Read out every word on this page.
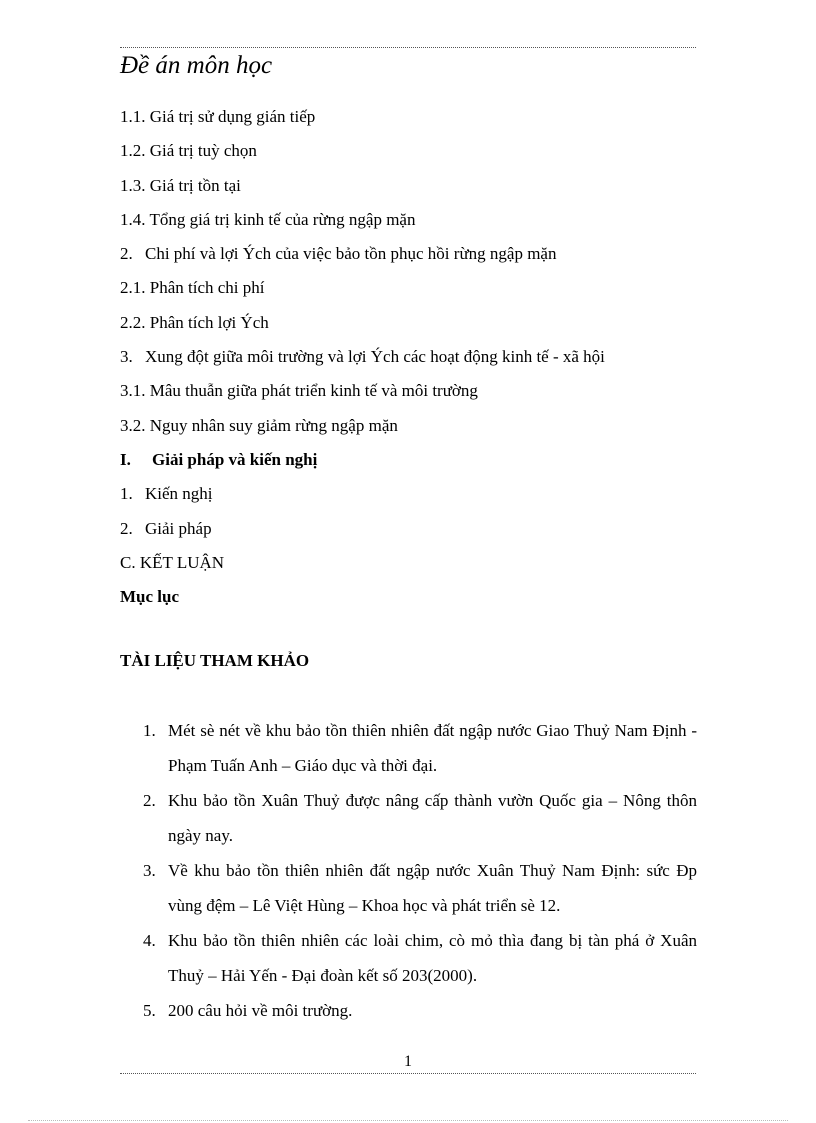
Đề án môn học
1.1. Giá trị sử dụng gián tiếp
1.2. Giá trị tuỳ chọn
1.3. Giá trị tồn tại
1.4. Tổng giá trị kinh tế của rừng ngập mặn
2. Chi phí và lợi Ých của việc bảo tồn phục hồi rừng ngập mặn
2.1. Phân tích chi phí
2.2. Phân tích lợi Ých
3. Xung đột giữa môi trường và lợi Ých các hoạt động kinh tế - xã hội
3.1. Mâu thuẫn giữa phát triển kinh tế và môi trường
3.2. Nguy nhân suy giảm rừng ngập mặn
I. Giải pháp và kiến nghị
1. Kiến nghị
2. Giải pháp
C. KẾT LUẬN
Mục lục
TÀI LIỆU THAM KHẢO
1. Mét sè nét về khu bảo tồn thiên nhiên đất ngập nước Giao Thuỷ Nam Định - Phạm Tuấn Anh – Giáo dục và thời đại.
2. Khu bảo tồn Xuân Thuỷ được nâng cấp thành vườn Quốc gia – Nông thôn ngày nay.
3. Về khu bảo tồn thiên nhiên đất ngập nước Xuân Thuỷ Nam Định: sức Ðp vùng đệm – Lê Việt Hùng – Khoa học và phát triển sè 12.
4. Khu bảo tồn thiên nhiên các loài chim, cò mỏ thìa đang bị tàn phá ở Xuân Thuỷ – Hải Yến - Đại đoàn kết số 203(2000).
5. 200 câu hỏi về môi trường.
1
